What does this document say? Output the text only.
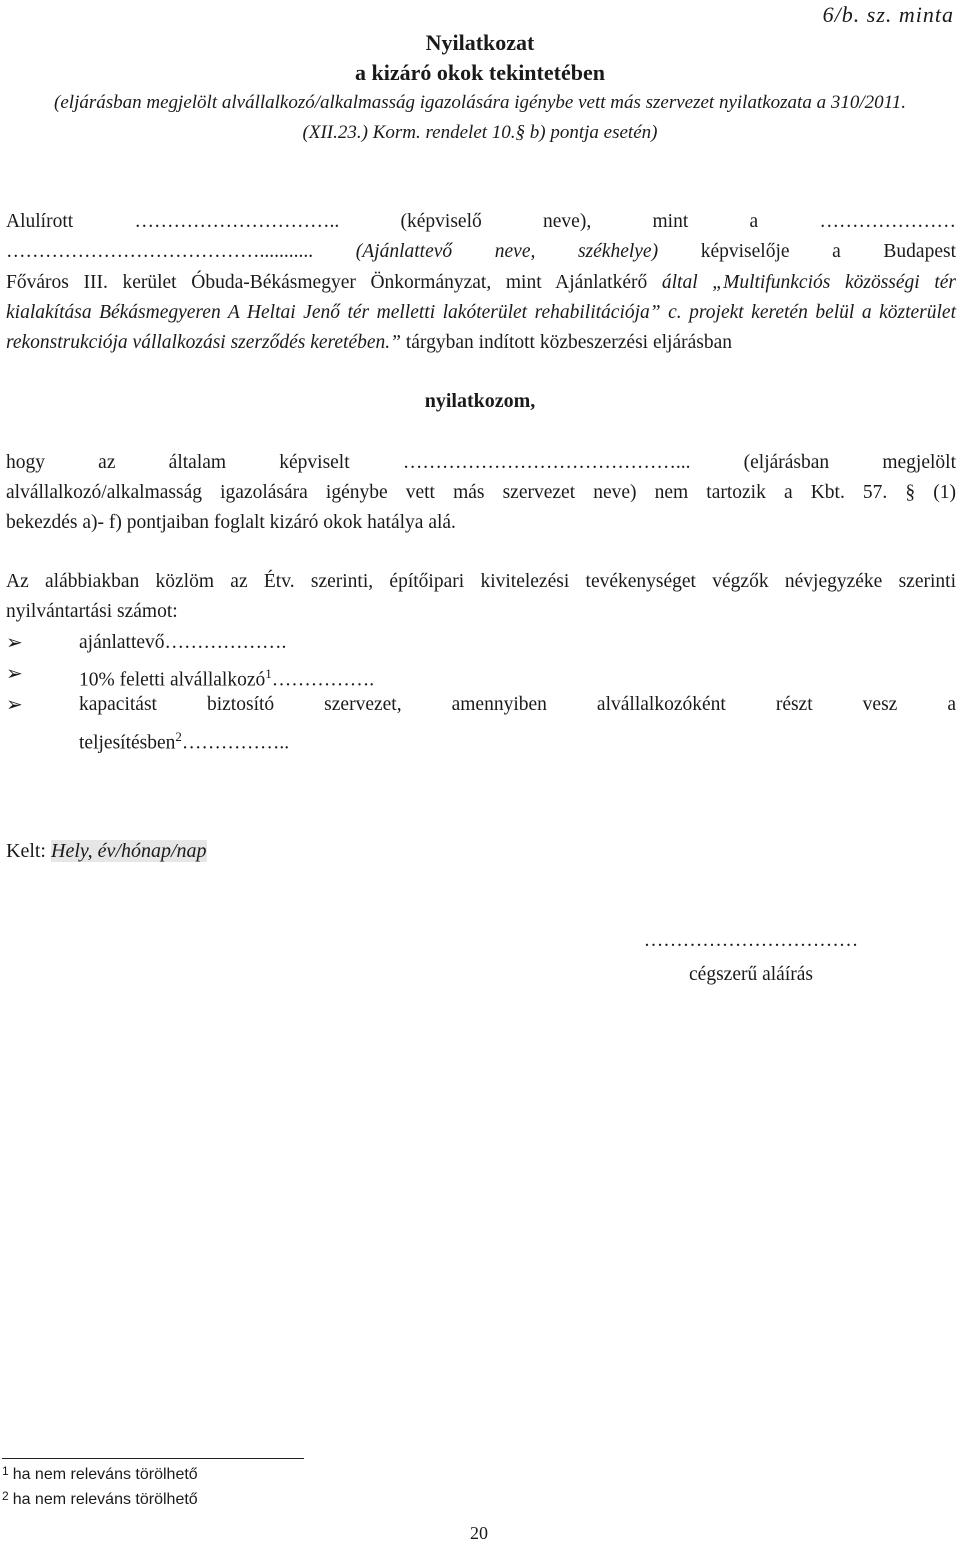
6/b. sz. minta
Nyilatkozat
a kizáró okok tekintetében
(eljárásban megjelölt alvállalkozó/alkalmasság igazolására igénybe vett más szervezet nyilatkozata a 310/2011.
(XII.23.) Korm. rendelet 10.§ b) pontja esetén)
Alulírott ………………………….. (képviselő neve), mint a …………………
…………………………………........... (Ajánlattevő neve, székhelye) képviselője a Budapest
Főváros III. kerület Óbuda-Békásmegyer Önkormányzat, mint Ajánlatkérő által „Multifunkciós közösségi tér
kialakítása Békásmegyeren A Heltai Jenő tér melletti lakóterület rehabilitációja” c. projekt keretén belül a közterület
rekonstrukciója vállalkozási szerződés keretében.” tárgyban indított közbeszerzési eljárásban
nyilatkozom,
hogy az általam képviselt ……………………………………... (eljárásban megjelölt
alvállalkozó/alkalmasság igazolására igénybe vett más szervezet neve) nem tartozik a Kbt. 57. § (1)
bekezdés a)- f) pontjaiban foglalt kizáró okok hatálya alá.
Az alábbiakban közlöm az Étv. szerinti, építőipari kivitelezési tevékenységet végzők névjegyzéke szerinti
nyilvántartási számot:
➢	ajánlattevő……………….
➢	10% feletti alvállalkozó$^1$…………….
➢	kapacitást biztosító szervezet, amennyiben alvállalkozóként részt vesz a
teljesítésben$^2$……………..
Kelt: Hely, év/hónap/nap
……………………………
cégszerű aláírás
$^1$ ha nem releváns törölhető
$^2$ ha nem releváns törölhető
20
